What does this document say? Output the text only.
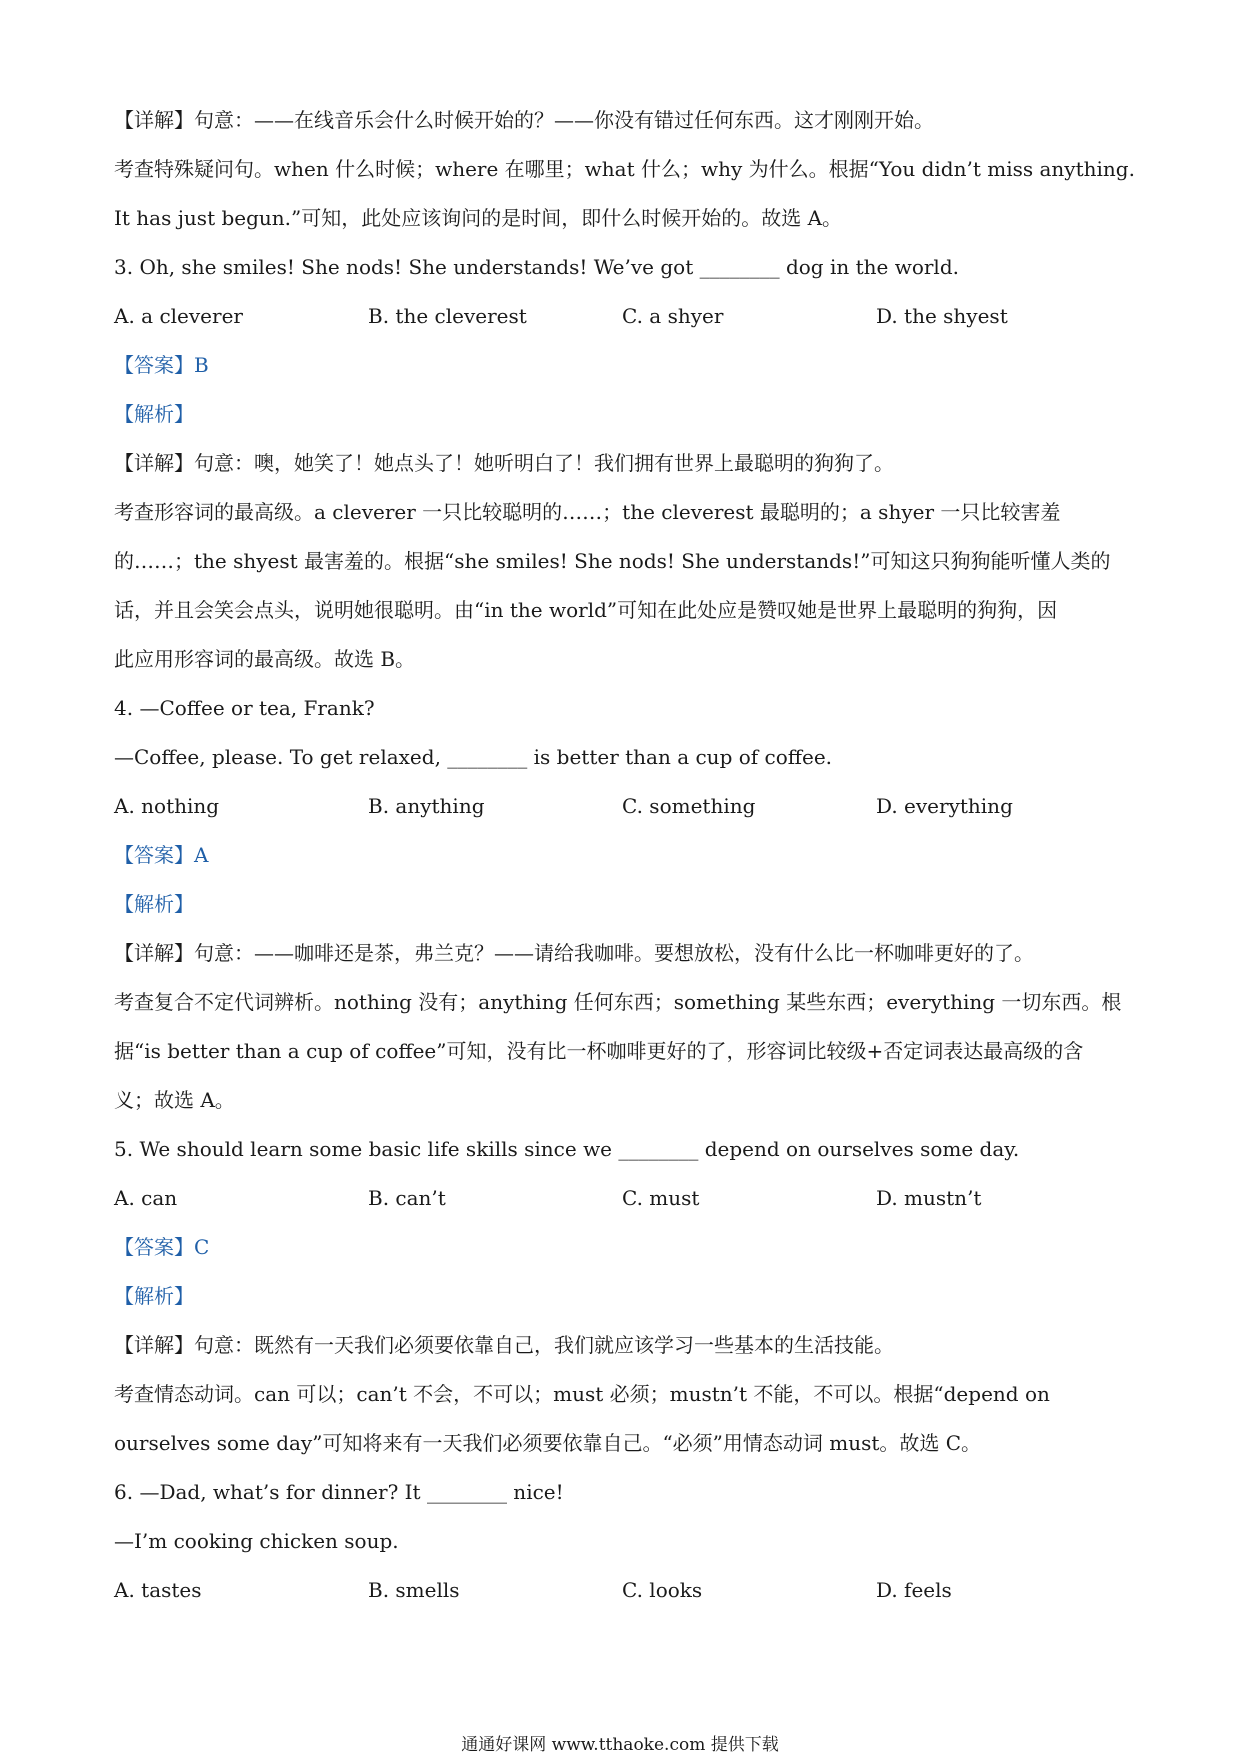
【详解】句意：——在线音乐会什么时候开始的？——你没有错过任何东西。这才刚刚开始。
考查特殊疑问句。when 什么时候；where 在哪里；what 什么；why 为什么。根据“You didn’t miss anything.
It has just begun.”可知，此处应该询问的是时间，即什么时候开始的。故选 A。
3. Oh, she smiles! She nods! She understands! We’ve got ________ dog in the world.
A. a cleverer	B. the cleverest	C. a shyer	D. the shyest
【答案】B
【解析】
【详解】句意：噢，她笑了！她点头了！她听明白了！我们拥有世界上最聪明的狗狗了。
考查形容词的最高级。a cleverer 一只比较聪明的……；the cleverest 最聪明的；a shyer 一只比较害羞
的……；the shyest 最害羞的。根据“she smiles! She nods! She understands!”可知这只狗狗能听懂人类的
话，并且会笑会点头，说明她很聪明。由“in the world”可知在此处应是赞叹她是世界上最聪明的狗狗，因
此应用形容词的最高级。故选 B。
4. —Coffee or tea, Frank?
—Coffee, please. To get relaxed, ________ is better than a cup of coffee.
A. nothing	B. anything	C. something	D. everything
【答案】A
【解析】
【详解】句意：——咖啡还是茶，弗兰克？——请给我咖啡。要想放松，没有什么比一杯咖啡更好的了。
考查复合不定代词辨析。nothing 没有；anything 任何东西；something 某些东西；everything 一切东西。根
据“is better than a cup of coffee”可知，没有比一杯咖啡更好的了，形容词比较级+否定词表达最高级的含
义；故选 A。
5. We should learn some basic life skills since we ________ depend on ourselves some day.
A. can	B. can’t	C. must	D. mustn’t
【答案】C
【解析】
【详解】句意：既然有一天我们必须要依靠自己，我们就应该学习一些基本的生活技能。
考查情态动词。can 可以；can’t 不会，不可以；must 必须；mustn’t 不能，不可以。根据“depend on
ourselves some day”可知将来有一天我们必须要依靠自己。“必须”用情态动词 must。故选 C。
6. —Dad, what’s for dinner? It ________ nice!
—I’m cooking chicken soup.
A. tastes	B. smells	C. looks	D. feels
通通好课网 www.tthaoke.com 提供下载
